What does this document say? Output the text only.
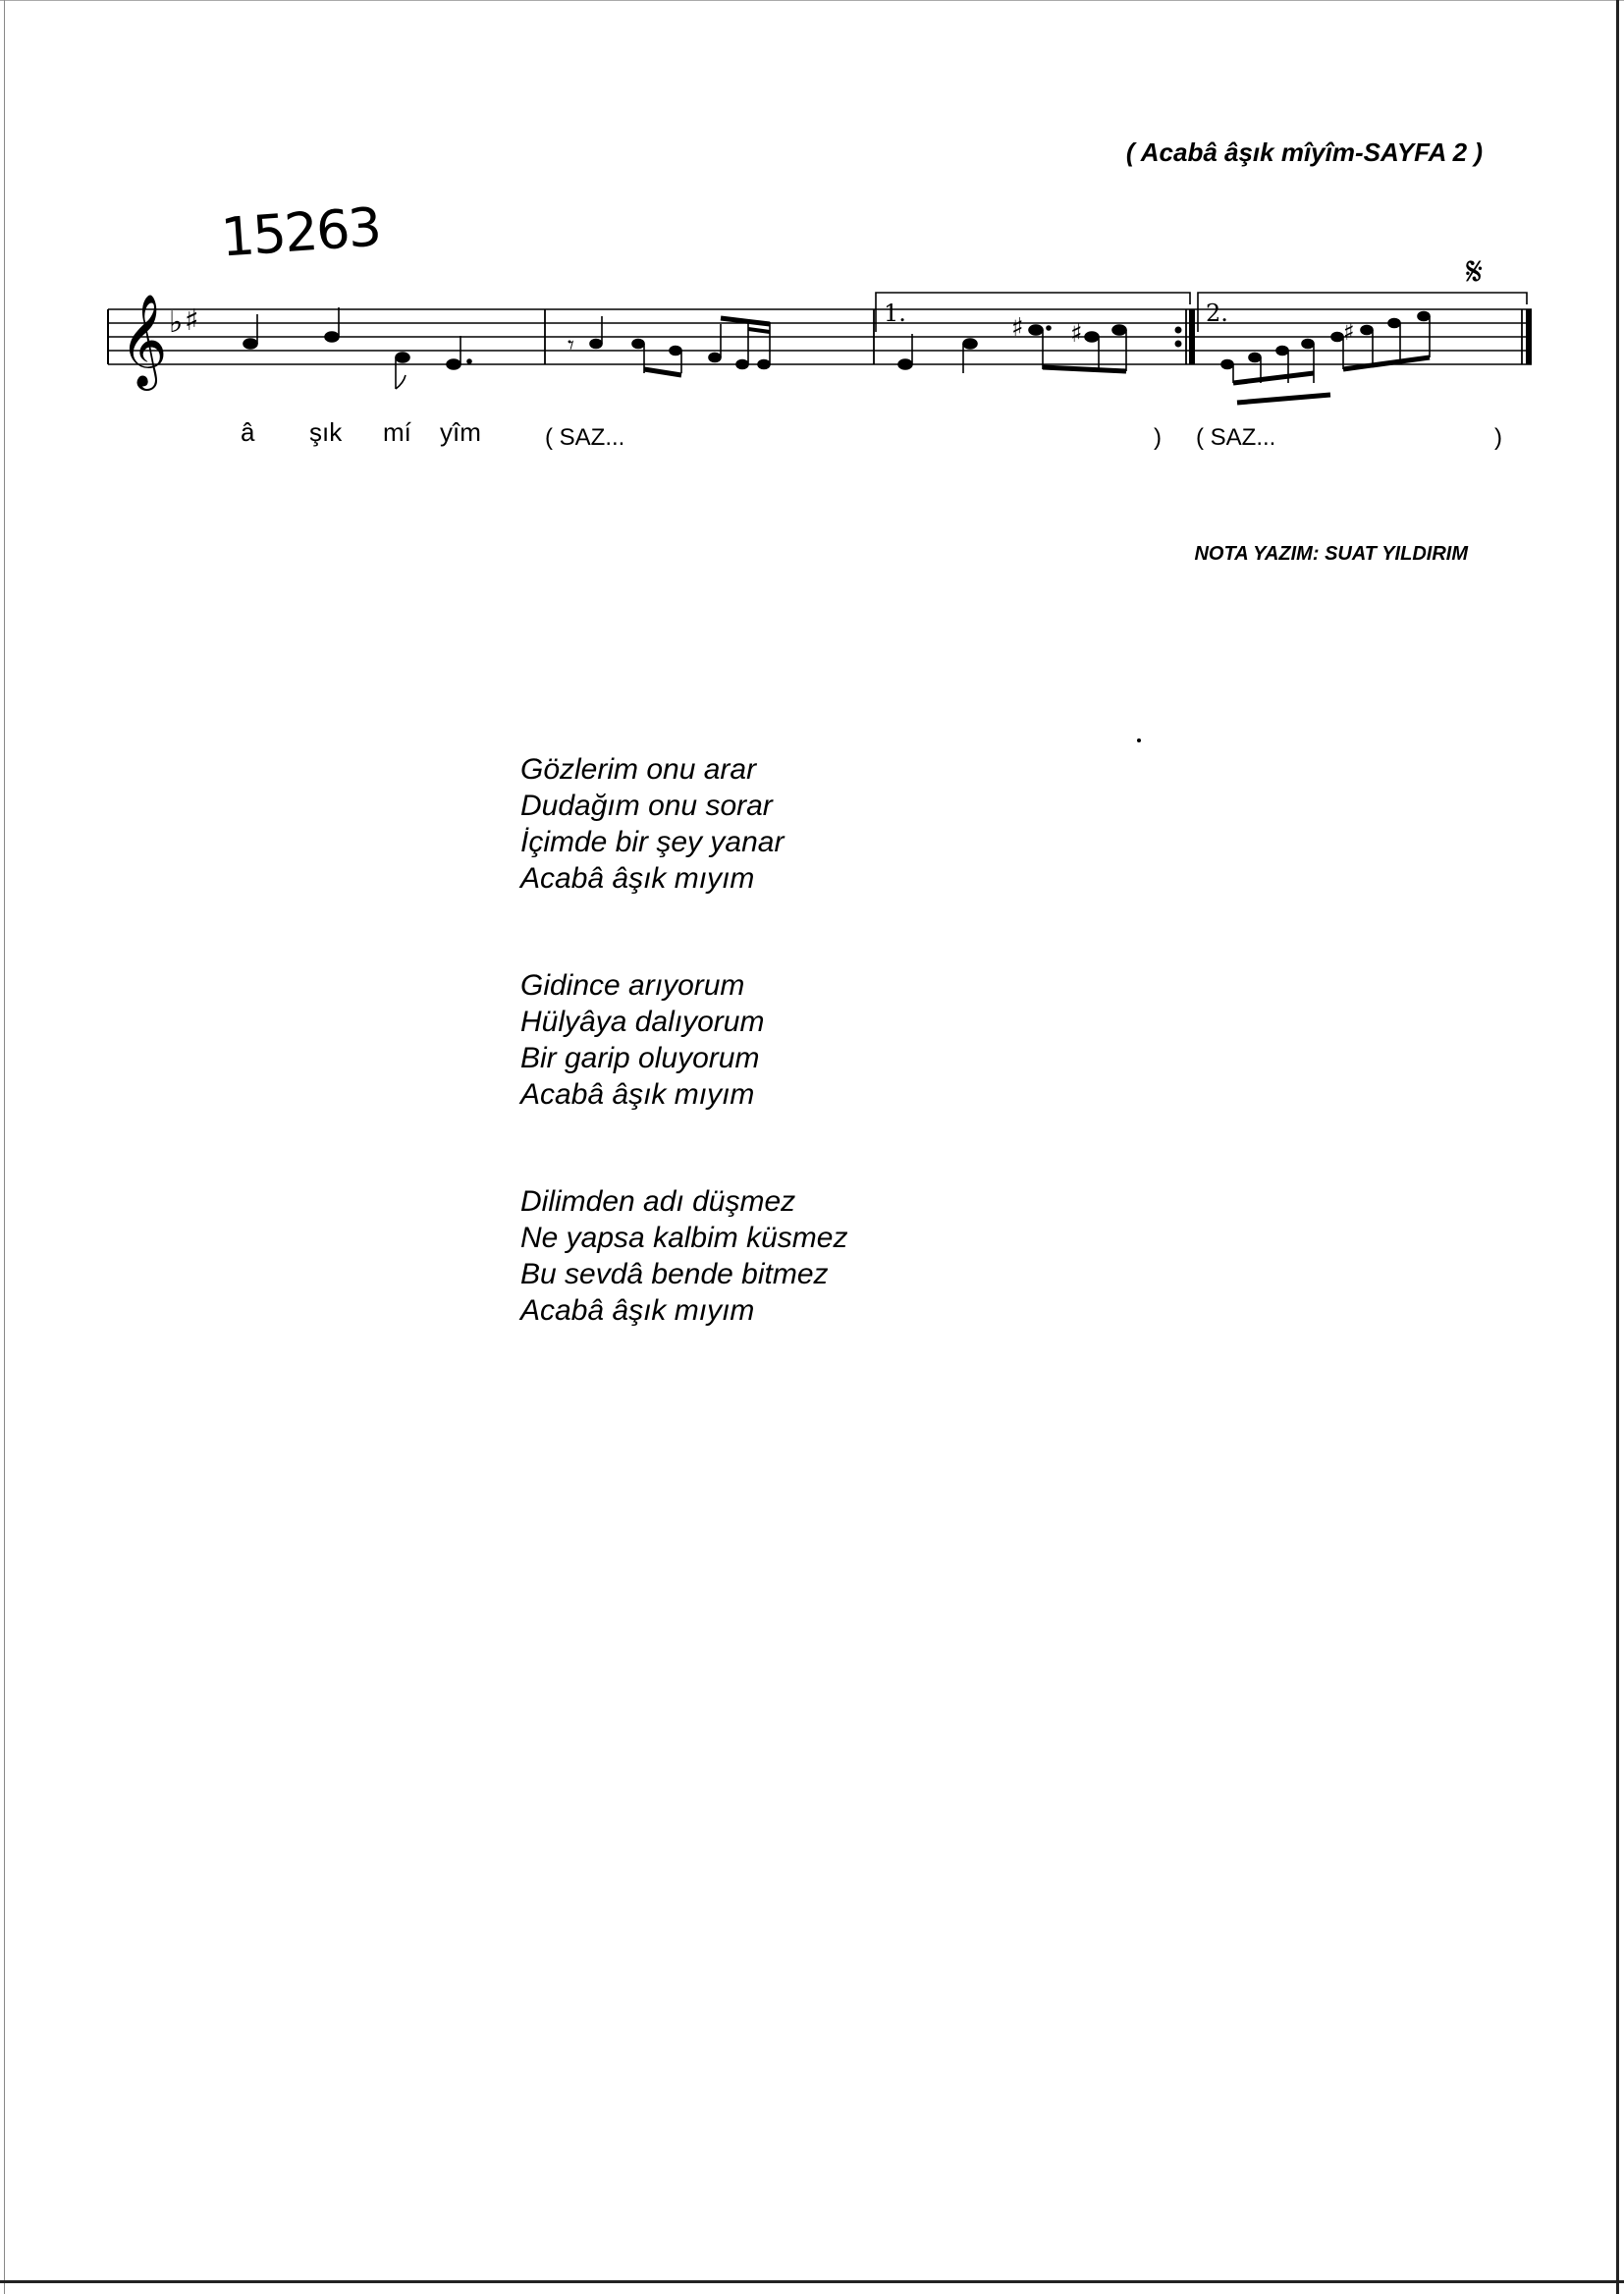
( Acabâ âşık mîyîm-SAYFA 2 )
15263
𝄞 ♭ ♯
𝄾
1.	♯ ♯
2.
♯
𝄋
â şık mí yîm	( SAZ...	) ( SAZ...	)
NOTA YAZIM: SUAT YILDIRIM
Gözlerim onu arar
Dudağım onu sorar
İçimde bir şey yanar
Acabâ âşık mıyım
Gidince arıyorum
Hülyâya dalıyorum
Bir garip oluyorum
Acabâ âşık mıyım
Dilimden adı düşmez
Ne yapsa kalbim küsmez
Bu sevdâ bende bitmez
Acabâ âşık mıyım
